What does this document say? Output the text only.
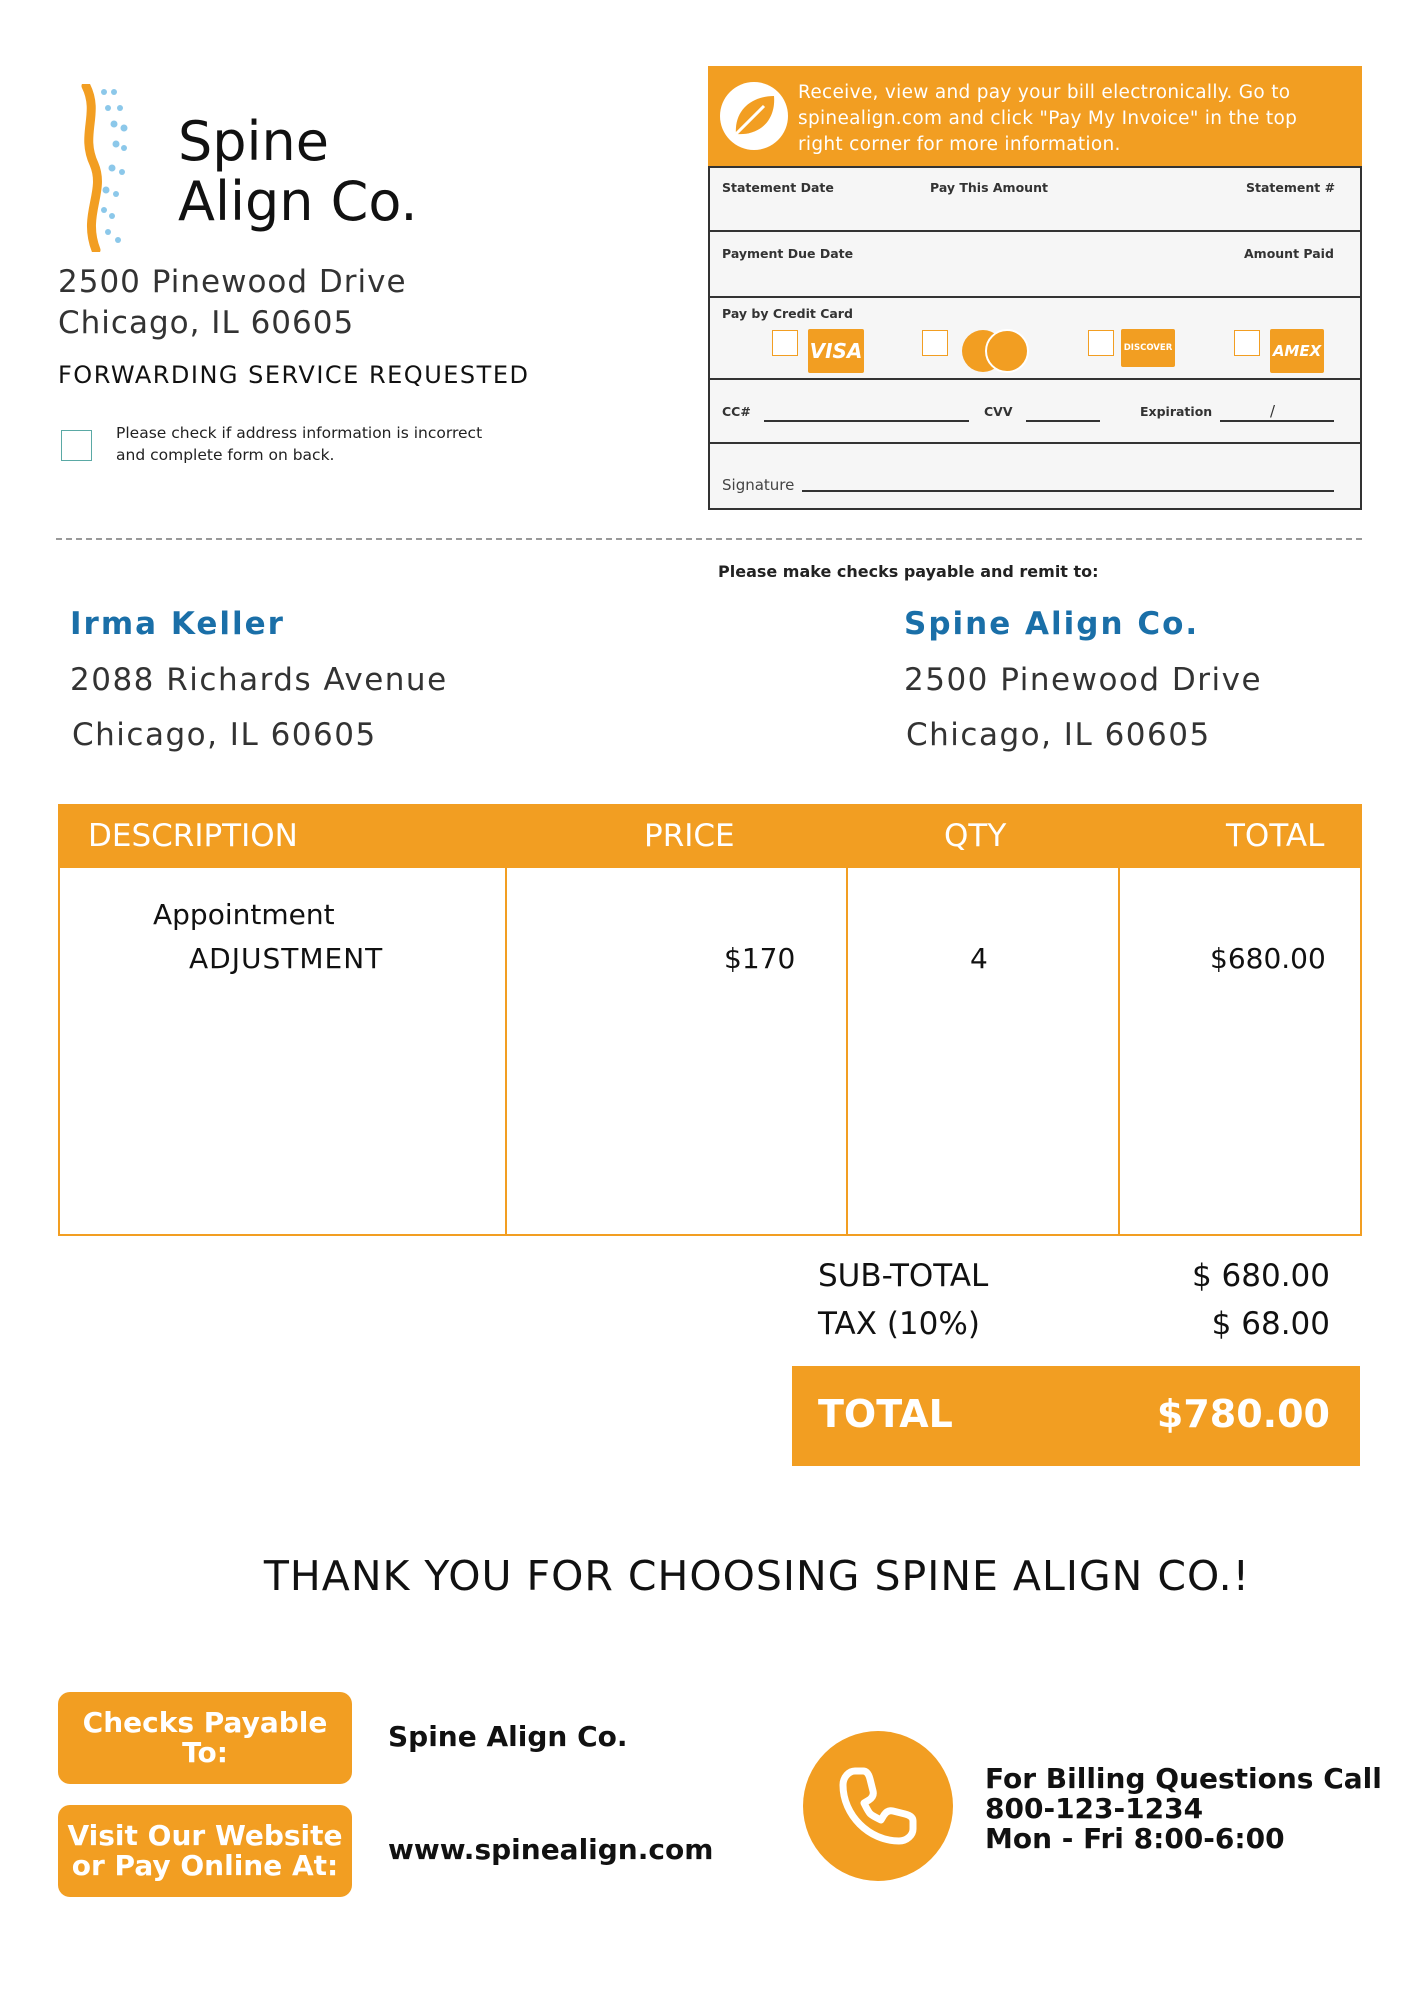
Spine
Align Co.
2500 Pinewood Drive
Chicago, IL 60605
FORWARDING SERVICE REQUESTED
Please check if address information is incorrect
and complete form on back.
Receive, view and pay your bill electronically. Go to
spinealign.com and click "Pay My Invoice" in the top
right corner for more information.
Statement Date	Pay This Amount	Statement #
Payment Due Date	Amount Paid
Pay by Credit Card
VISA	DISCOVER	AMEX
CC#	CVV	Expiration	/
Signature
Please make checks payable and remit to:
Irma Keller
2088 Richards Avenue
Chicago, IL 60605
Spine Align Co.
2500 Pinewood Drive
Chicago, IL 60605
DESCRIPTION	PRICE	QTY	TOTAL
Appointment
ADJUSTMENT	$170	4	$680.00
SUB-TOTAL	$ 680.00
TAX (10%)	$ 68.00
TOTAL	$780.00
THANK YOU FOR CHOOSING SPINE ALIGN CO.!
Checks Payable
To:	Spine Align Co.
Visit Our Website
or Pay Online At: www.spinealign.com
For Billing Questions Call
800-123-1234
Mon - Fri 8:00-6:00
